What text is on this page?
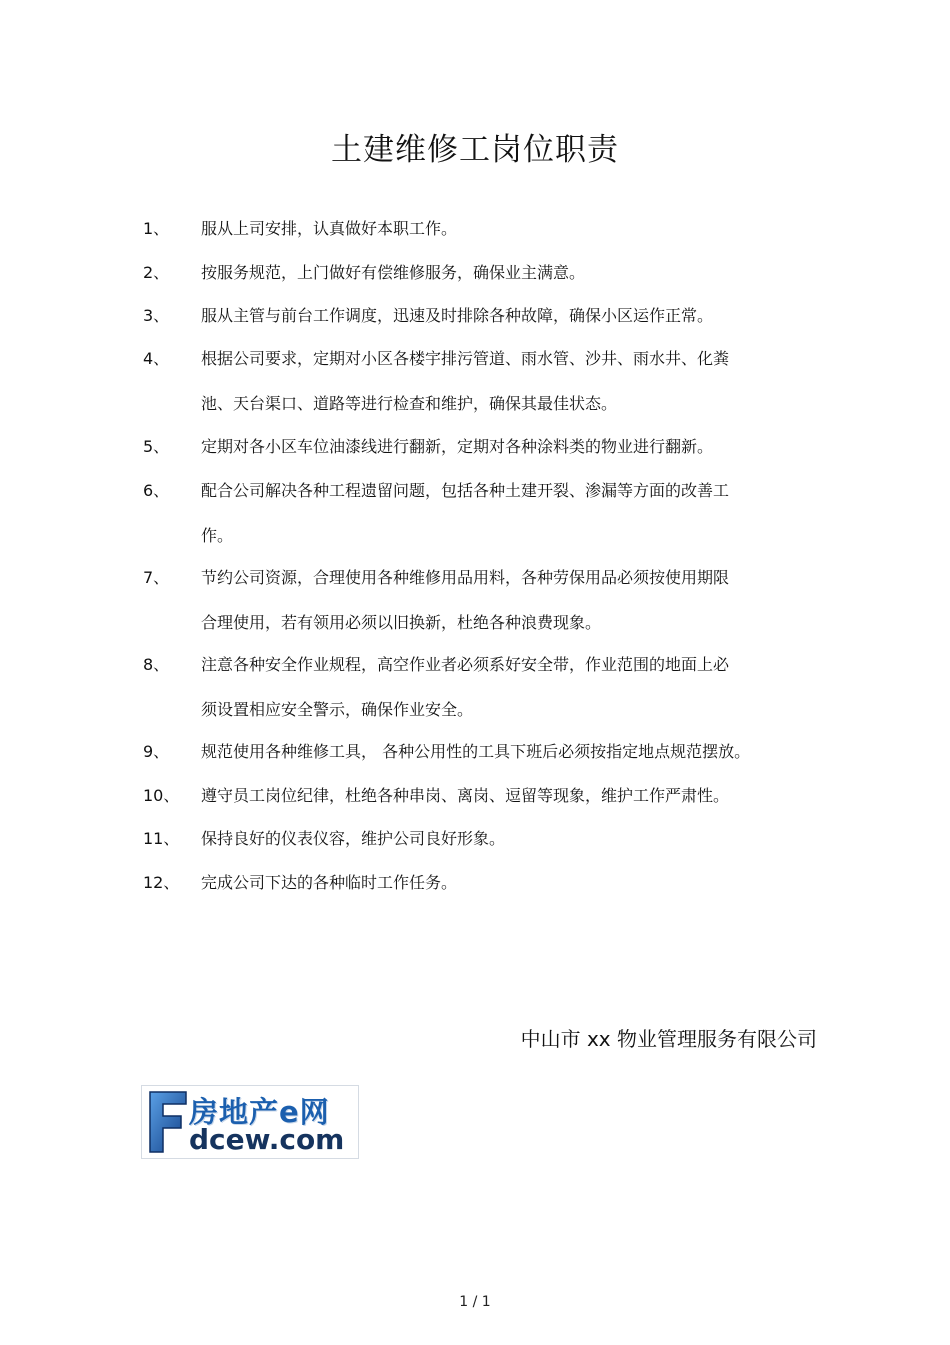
土建维修工岗位职责
1、 服从上司安排，认真做好本职工作。
2、 按服务规范，上门做好有偿维修服务，确保业主满意。
3、 服从主管与前台工作调度，迅速及时排除各种故障，确保小区运作正常。
4、 根据公司要求，定期对小区各楼宇排污管道、雨水管、沙井、雨水井、化粪
池、天台渠口、道路等进行检查和维护，确保其最佳状态。
5、 定期对各小区车位油漆线进行翻新，定期对各种涂料类的物业进行翻新。
6、 配合公司解决各种工程遗留问题，包括各种土建开裂、渗漏等方面的改善工
作。
7、 节约公司资源，合理使用各种维修用品用料，各种劳保用品必须按使用期限
合理使用，若有领用必须以旧换新，杜绝各种浪费现象。
8、 注意各种安全作业规程，高空作业者必须系好安全带，作业范围的地面上必
须设置相应安全警示，确保作业安全。
9、 规范使用各种维修工具， 各种公用性的工具下班后必须按指定地点规范摆放。
10、 遵守员工岗位纪律，杜绝各种串岗、离岗、逗留等现象，维护工作严肃性。
11、 保持良好的仪表仪容，维护公司良好形象。
12、 完成公司下达的各种临时工作任务。
中山市 xx 物业管理服务有限公司
房地产e网
dcew.com
1 / 1
